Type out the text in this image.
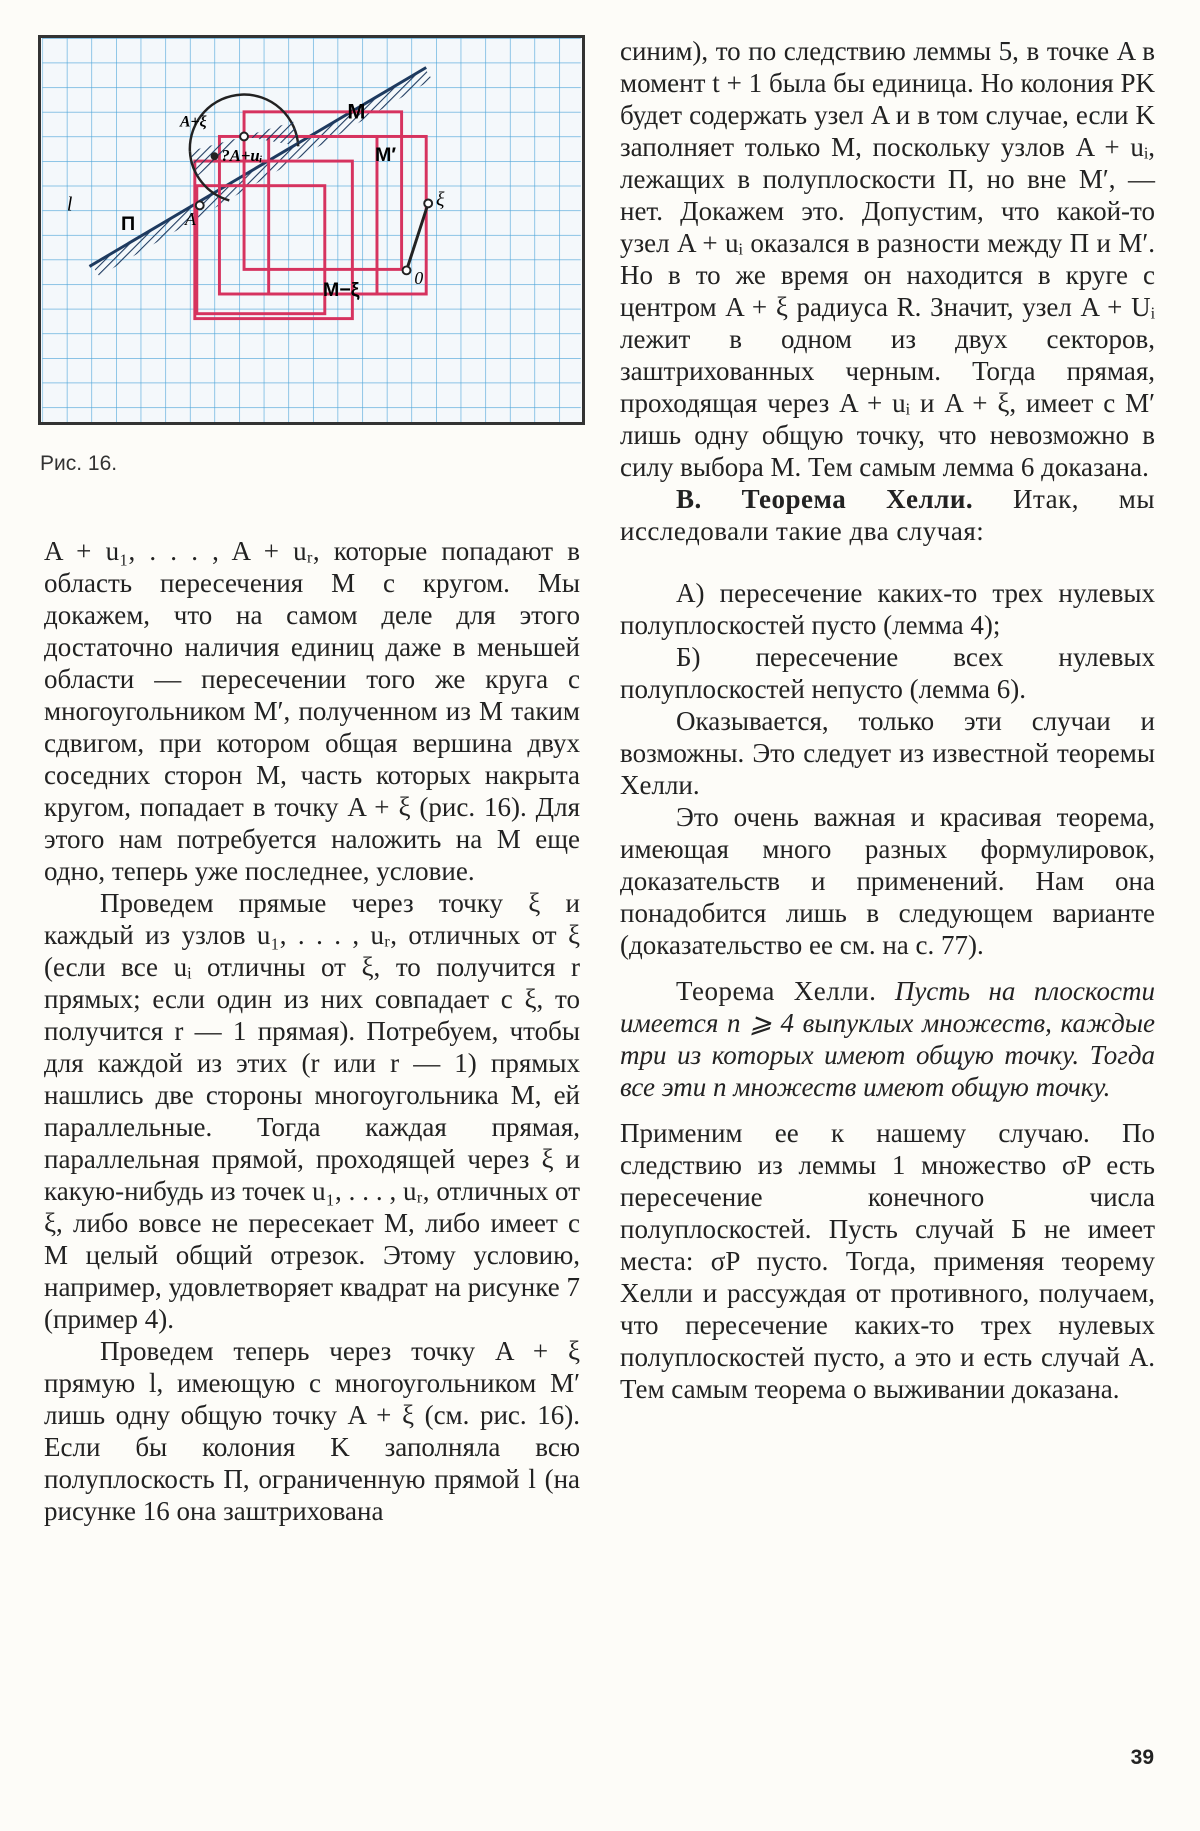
M
M′
M−ξ
A+ξ
?A+uᵢ
A
l
П
ξ
0
Рис. 16.

A + u₁, . . . , A + uᵣ, которые попадают в область пересечения M с кругом. Мы докажем, что на самом деле для этого достаточно наличия единиц даже в меньшей области — пересечении того же круга с многоугольником M′, полученном из M таким сдвигом, при котором общая вершина двух соседних сторон M, часть которых накрыта кругом, попадает в точку A + ξ (рис. 16). Для этого нам потребуется наложить на M еще одно, теперь уже последнее, условие.

Проведем прямые через точку ξ и каждый из узлов u₁, . . . , uᵣ, отличных от ξ (если все uᵢ отличны от ξ, то получится r прямых; если один из них совпадает с ξ, то получится r — 1 прямая). Потребуем, чтобы для каждой из этих (r или r — 1) прямых нашлись две стороны многоугольника M, ей параллельные. Тогда каждая прямая, параллельная прямой, проходящей через ξ и какую-нибудь из точек u₁, . . . , uᵣ, отличных от ξ, либо вовсе не пересекает M, либо имеет с M целый общий отрезок. Этому условию, например, удовлетворяет квадрат на рисунке 7 (пример 4).

Проведем теперь через точку A + ξ прямую l, имеющую с многоугольником M′ лишь одну общую точку A + ξ (см. рис. 16). Если бы колония K заполняла всю полуплоскость П, ограниченную прямой l (на рисунке 16 она заштрихована

синим), то по следствию леммы 5, в точке A в момент t + 1 была бы единица. Но колония PK будет содержать узел A и в том случае, если K заполняет только M, поскольку узлов A + uᵢ, лежащих в полуплоскости П, но вне M′, — нет. Докажем это. Допустим, что какой-то узел A + uᵢ оказался в разности между П и M′. Но в то же время он находится в круге с центром A + ξ радиуса R. Значит, узел A + Uᵢ лежит в одном из двух секторов, заштрихованных черным. Тогда прямая, проходящая через A + uᵢ и A + ξ, имеет с M′ лишь одну общую точку, что невозможно в силу выбора M. Тем самым лемма 6 доказана.

В. Теорема Хелли. Итак, мы исследовали такие два случая:

А) пересечение каких-то трех нулевых полуплоскостей пусто (лемма 4);

Б) пересечение всех нулевых полуплоскостей непусто (лемма 6).

Оказывается, только эти случаи и возможны. Это следует из известной теоремы Хелли.

Это очень важная и красивая теорема, имеющая много разных формулировок, доказательств и применений. Нам она понадобится лишь в следующем варианте (доказательство ее см. на с. 77).

Теорема Хелли. Пусть на плоскости имеется n ⩾ 4 выпуклых множеств, каждые три из которых имеют общую точку. Тогда все эти n множеств имеют общую точку.

Применим ее к нашему случаю. По следствию из леммы 1 множество σP есть пересечение конечного числа полуплоскостей. Пусть случай Б не имеет места: σP пусто. Тогда, применяя теорему Хелли и рассуждая от противного, получаем, что пересечение каких-то трех нулевых полуплоскостей пусто, а это и есть случай А. Тем самым теорема о выживании доказана.

39
